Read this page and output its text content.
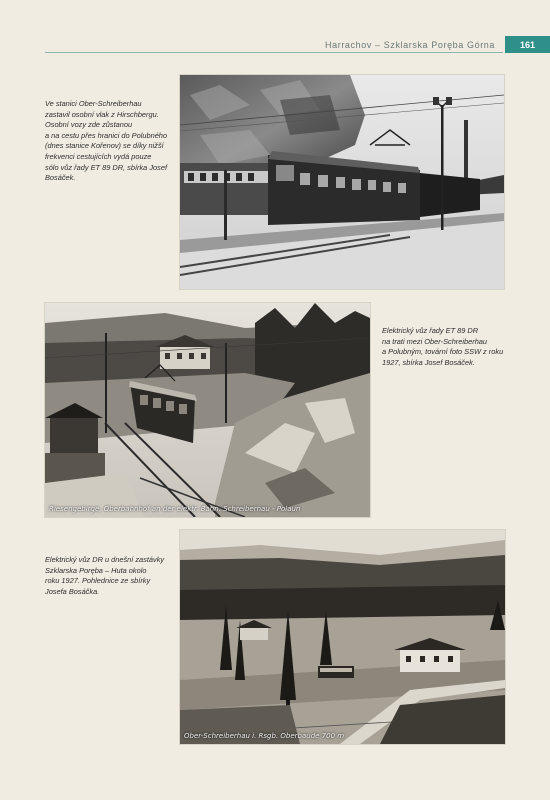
Harrachov – Szklarska Poręba Górna	161
Ve stanici Ober-Schreiberhau
zastavil osobní vlak z Hirschbergu.
Osobní vozy zde zůstanou
a na cestu přes hranici do Polubného
(dnes stanice Kořenov) se díky nižší
frekvenci cestujících vydá pouze
sólo vůz řady ET 89 DR, sbírka Josef
Bosáček.
Riesengebirge, Oberbahnhof an der elektr. Bahn. Schreiberhau - Polaun
Elektrický vůz řady ET 89 DR
na trati mezi Ober-Schreiberhau
a Polubným, tovární foto SSW z roku
1927, sbírka Josef Bosáček.
Elektrický vůz DR u dnešní zastávky
Szklarska Poręba – Huta okolo
roku 1927. Pohlednice ze sbírky
Josefa Bosáčka.
Ober-Schreiberhau i. Rsgb. Oberbaude 700 m
